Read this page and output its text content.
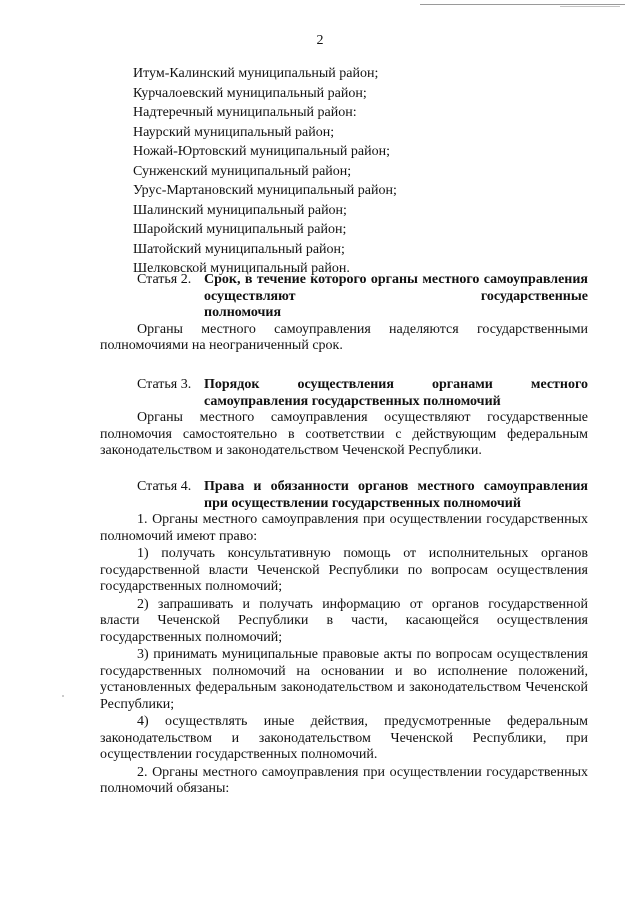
2
Итум-Калинский муниципальный район;
Курчалоевский муниципальный район;
Надтеречный муниципальный район:
Наурский муниципальный район;
Ножай-Юртовский муниципальный район;
Сунженский муниципальный район;
Урус-Мартановский муниципальный район;
Шалинский муниципальный район;
Шаройский муниципальный район;
Шатойский муниципальный район;
Шелковской муниципальный район.
Статья 2. Срок, в течение которого органы местного самоуправления осуществляют государственные
полномочия

Органы местного самоуправления наделяются государственными полномочиями на неограниченный срок.

Статья 3. Порядок осуществления органами местного
самоуправления государственных полномочий

Органы местного самоуправления осуществляют государственные полномочия самостоятельно в соответствии с действующим федеральным законодательством и законодательством Чеченской Республики.

Статья 4. Права и обязанности органов местного самоуправления
при осуществлении государственных полномочий

1. Органы местного самоуправления при осуществлении государственных полномочий имеют право:

1) получать консультативную помощь от исполнительных органов государственной власти Чеченской Республики по вопросам осуществления государственных полномочий;

2) запрашивать и получать информацию от органов государственной власти Чеченской Республики в части, касающейся осуществления государственных полномочий;

3) принимать муниципальные правовые акты по вопросам осуществления государственных полномочий на основании и во исполнение положений, установленных федеральным законодательством и законодательством Чеченской Республики;

4) осуществлять иные действия, предусмотренные федеральным законодательством и законодательством Чеченской Республики, при осуществлении государственных полномочий.

2. Органы местного самоуправления при осуществлении государственных полномочий обязаны:
